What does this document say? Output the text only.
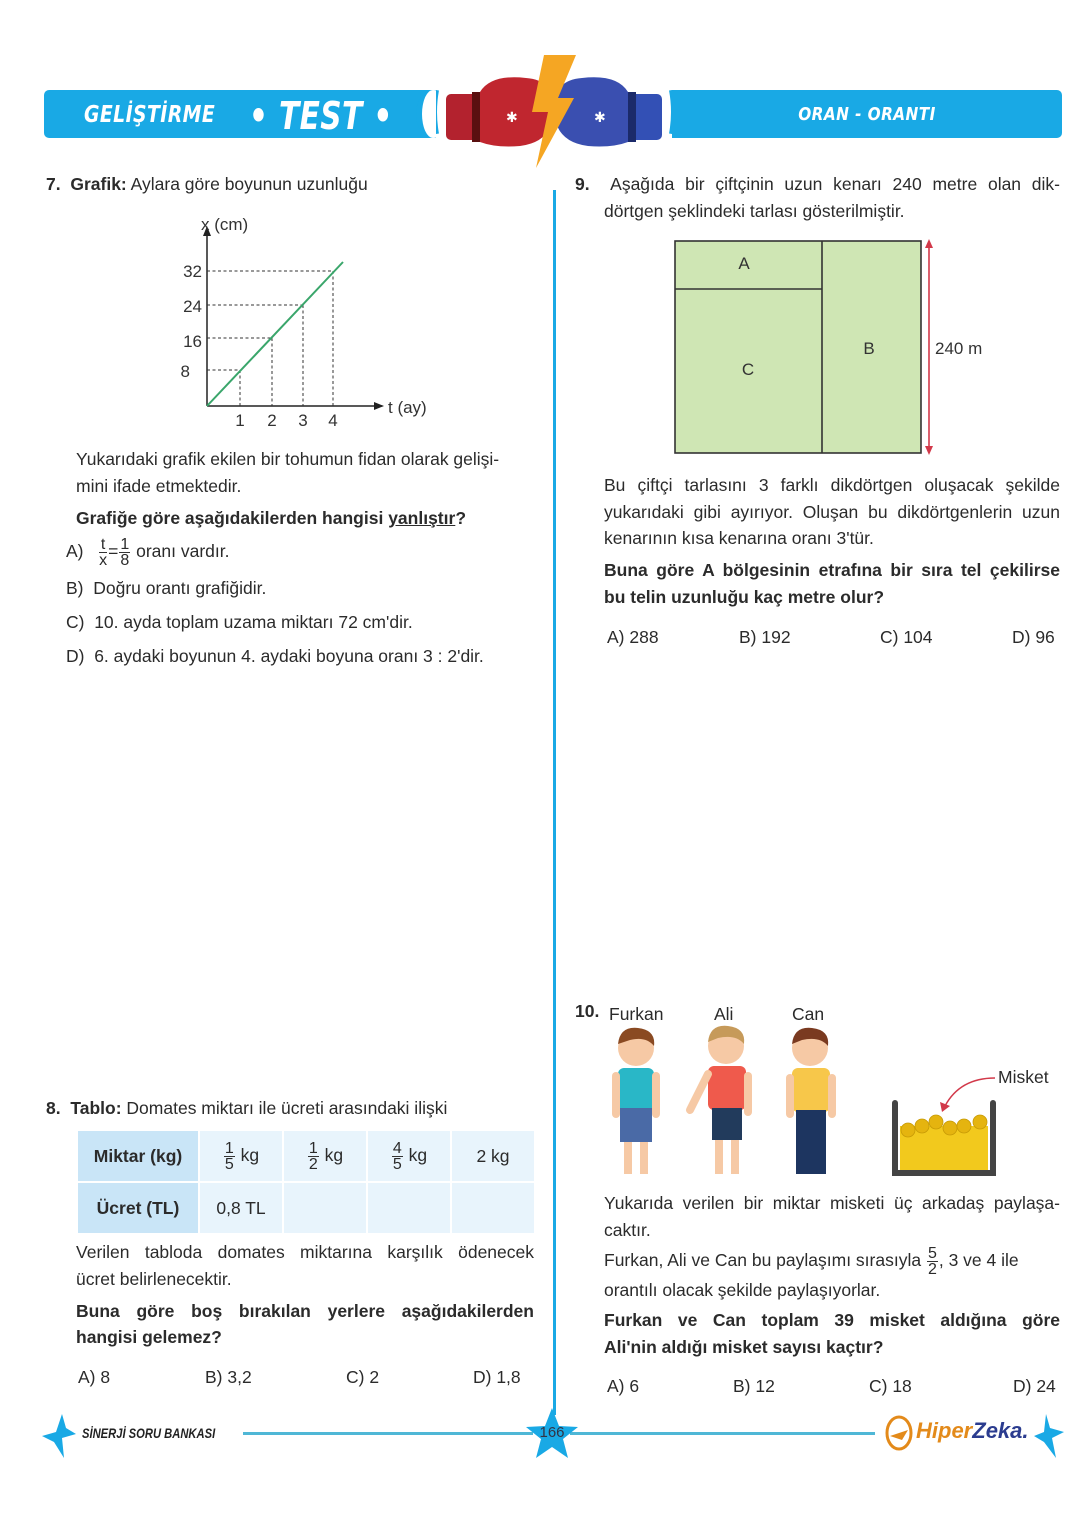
GELİŞTİRME • TEST • 08
ORAN - ORANTI
✱	✱
7. Grafik: Aylara göre boyunun uzunluğu
x (cm)
t (ay)
8
16
24
32
1 2 3 4
Yukarıdaki grafik ekilen bir tohumun fidan olarak gelişi-
mini ifade etmektedir.
Grafiğe göre aşağıdakilerden hangisi yanlıştır?
$A) \frac{t}{x} = \frac{1}{8}$ oranı vardır.
B) Doğru orantı grafiğidir.
C) 10. ayda toplam uzama miktarı 72 cm'dir.
D) 6. aydaki boyunun 4. aydaki boyuna oranı 3 : 2'dir.
8. Tablo: Domates miktarı ile ücreti arasındaki ilişki
Miktar (kg)	$\frac{1}{5}$ kg	$\frac{1}{2}$ kg	$\frac{4}{5}$ kg	2 kg
Ücret (TL)	0,8 TL			
Verilen tabloda domates miktarına karşılık ödenecek
ücret belirlenecektir.
Buna göre boş bırakılan yerlere aşağıdakilerden
hangisi gelemez?
A) 8	B) 3,2	C) 2	D) 1,8
9. Aşağıda bir çiftçinin uzun kenarı 240 metre olan dik-
dörtgen şeklindeki tarlası gösterilmiştir.
A
B
C
240 m
Bu çiftçi tarlasını 3 farklı dikdörtgen oluşacak şekilde
yukarıdaki gibi ayırıyor. Oluşan bu dikdörtgenlerin uzun
kenarının kısa kenarına oranı 3'tür.
Buna göre A bölgesinin etrafına bir sıra tel çekilirse
bu telin uzunluğu kaç metre olur?
A) 288	B) 192	C) 104	D) 96
10. Furkan	Ali	Can
Misket
Yukarıda verilen bir miktar misketi üç arkadaş paylaşa-
caktır.
Furkan, Ali ve Can bu paylaşımı sırasıyla $\frac{5}{2}$ , 3 ve 4 ile
orantılı olacak şekilde paylaşıyorlar.
Furkan ve Can toplam 39 misket aldığına göre
Ali'nin aldığı misket sayısı kaçtır?
A) 6	B) 12	C) 18	D) 24
SİNERJİ SORU BANKASI	166	HiperZeka.
